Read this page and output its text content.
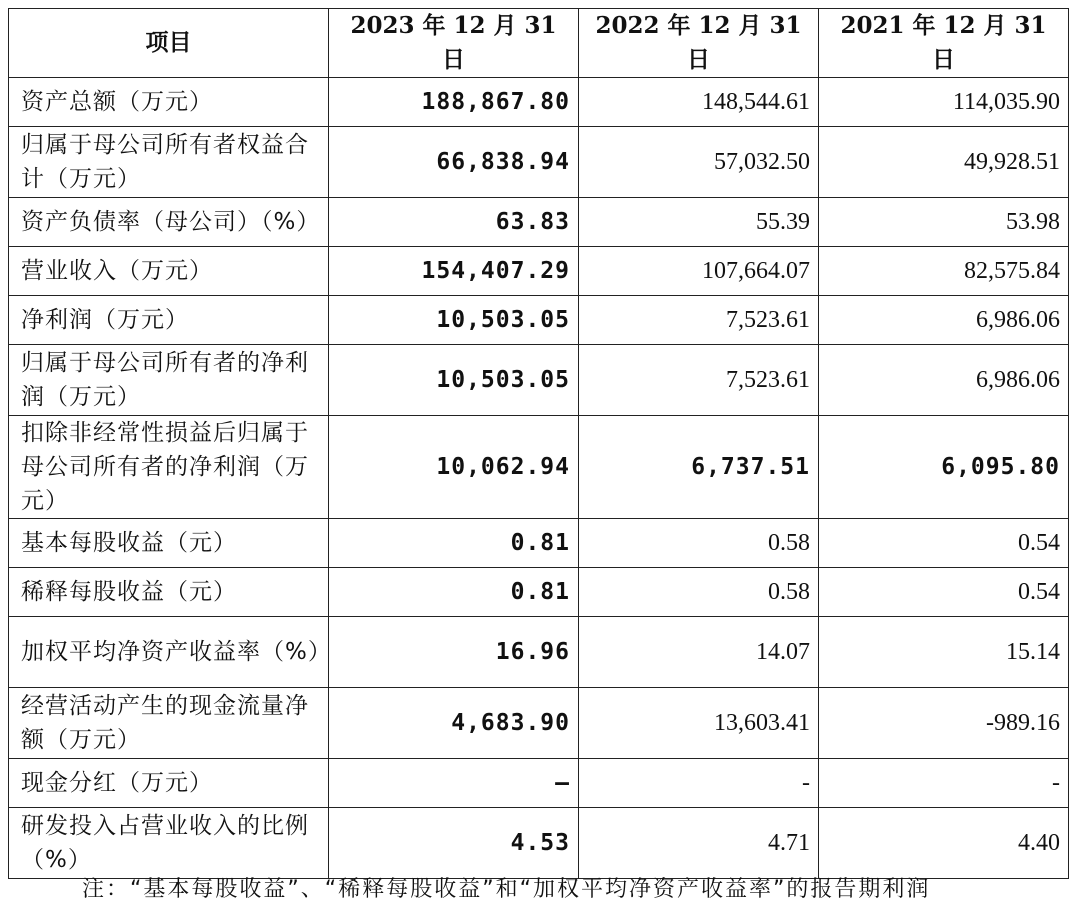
项目	2023 年 12 月 31 日	2022 年 12 月 31 日	2021 年 12 月 31 日
资产总额（万元）	188,867.80	148,544.61	114,035.90
归属于母公司所有者权益合计（万元）	66,838.94	57,032.50	49,928.51
资产负债率（母公司）（%）	63.83	55.39	53.98
营业收入（万元）	154,407.29	107,664.07	82,575.84
净利润（万元）	10,503.05	7,523.61	6,986.06
归属于母公司所有者的净利润（万元）	10,503.05	7,523.61	6,986.06
扣除非经常性损益后归属于母公司所有者的净利润（万元）	10,062.94	6,737.51	6,095.80
基本每股收益（元）	0.81	0.58	0.54
稀释每股收益（元）	0.81	0.58	0.54
加权平均净资产收益率（%）	16.96	14.07	15.14
经营活动产生的现金流量净额（万元）	4,683.90	13,603.41	-989.16
现金分红（万元）	–	-	-
研发投入占营业收入的比例（%）	4.53	4.71	4.40
注：“基本每股收益”、“稀释每股收益”和“加权平均净资产收益率”的报告期利润
